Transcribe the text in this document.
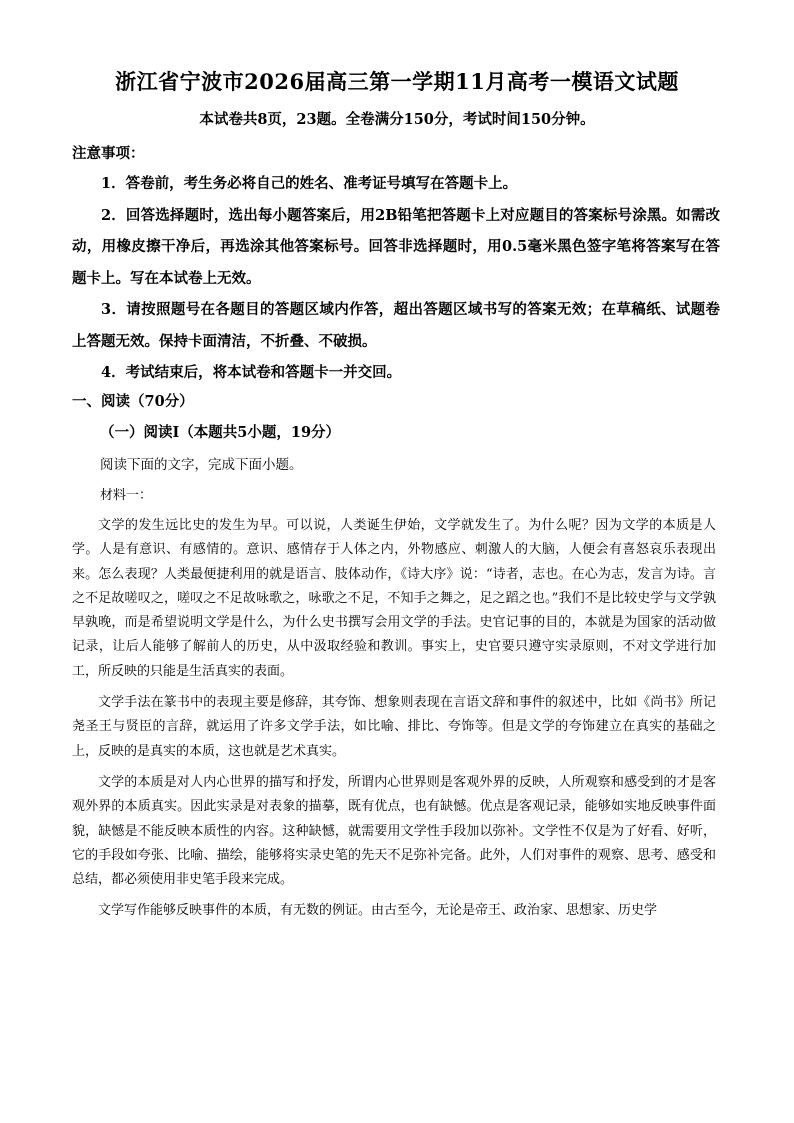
浙江省宁波市2026届高三第一学期11月高考一模语文试题
本试卷共8页，23题。全卷满分150分，考试时间150分钟。
注意事项：

1．答卷前，考生务必将自己的姓名、准考证号填写在答题卡上。

2．回答选择题时，选出每小题答案后，用2B铅笔把答题卡上对应题目的答案标号涂黑。如需改动，用橡皮擦干净后，再选涂其他答案标号。回答非选择题时，用0.5毫米黑色签字笔将答案写在答题卡上。写在本试卷上无效。

3．请按照题号在各题目的答题区域内作答，超出答题区域书写的答案无效；在草稿纸、试题卷上答题无效。保持卡面清洁，不折叠、不破损。

4．考试结束后，将本试卷和答题卡一并交回。

一、阅读（70分）
（一）阅读Ⅰ（本题共5小题，19分）
阅读下面的文字，完成下面小题。
材料一：

文学的发生远比史的发生为早。可以说，人类诞生伊始，文学就发生了。为什么呢？因为文学的本质是人学。人是有意识、有感情的。意识、感情存于人体之内，外物感应、刺激人的大脑，人便会有喜怒哀乐表现出来。怎么表现？人类最便捷利用的就是语言、肢体动作，《诗大序》说：“诗者，志也。在心为志，发言为诗。言之不足故嗟叹之，嗟叹之不足故咏歌之，咏歌之不足，不知手之舞之，足之蹈之也。”我们不是比较史学与文学孰早孰晚，而是希望说明文学是什么，为什么史书撰写会用文学的手法。史官记事的目的，本就是为国家的活动做记录，让后人能够了解前人的历史，从中汲取经验和教训。事实上，史官要只遵守实录原则，不对文学进行加工，所反映的只能是生活真实的表面。

文学手法在篆书中的表现主要是修辞，其夸饰、想象则表现在言语文辞和事件的叙述中，比如《尚书》所记尧圣王与贤臣的言辞，就运用了许多文学手法，如比喻、排比、夸饰等。但是文学的夸饰建立在真实的基础之上，反映的是真实的本质，这也就是艺术真实。

文学的本质是对人内心世界的描写和抒发，所谓内心世界则是客观外界的反映，人所观察和感受到的才是客观外界的本质真实。因此实录是对表象的描摹，既有优点，也有缺憾。优点是客观记录，能够如实地反映事件面貌，缺憾是不能反映本质性的内容。这种缺憾，就需要用文学性手段加以弥补。文学性不仅是为了好看、好听，它的手段如夸张、比喻、描绘，能够将实录史笔的先天不足弥补完备。此外，人们对事件的观察、思考、感受和总结，都必须使用非史笔手段来完成。

文学写作能够反映事件的本质，有无数的例证。由古至今，无论是帝王、政治家、思想家、历史学
